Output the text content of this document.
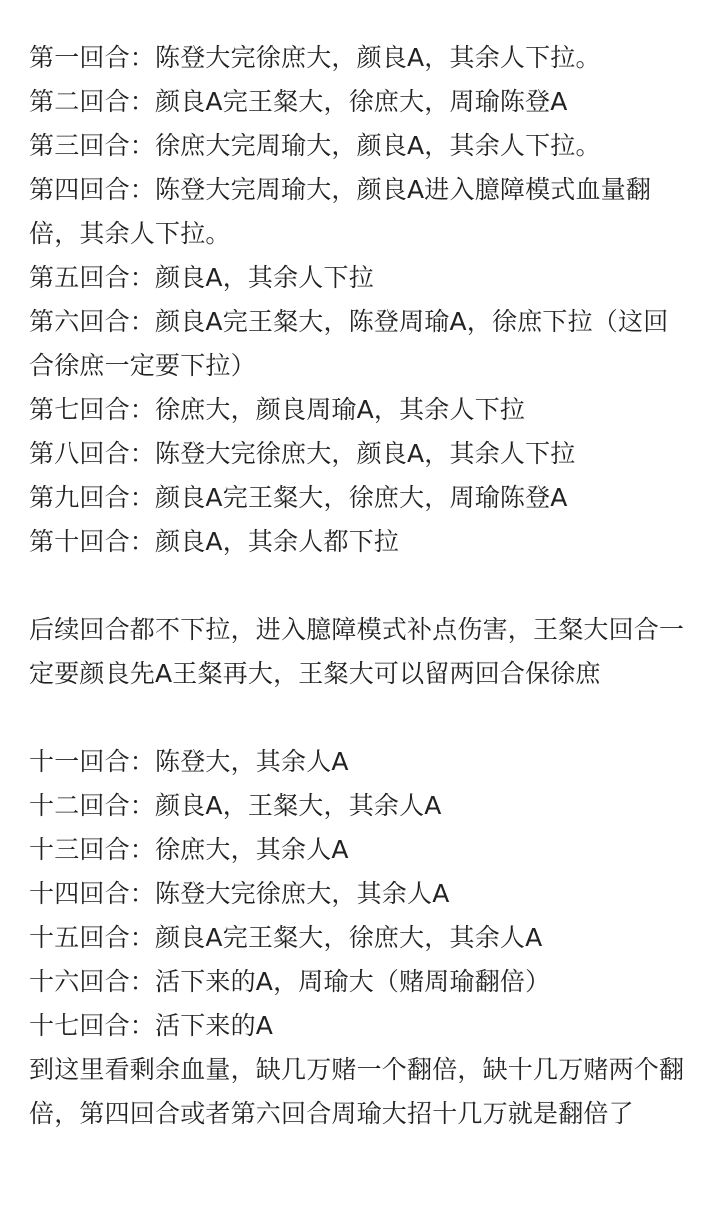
第一回合：陈登大完徐庶大，颜良A，其余人下拉。

第二回合：颜良A完王粲大，徐庶大，周瑜陈登A

第三回合：徐庶大完周瑜大，颜良A，其余人下拉。

第四回合：陈登大完周瑜大，颜良A进入臆障模式血量翻倍，其余人下拉。

第五回合：颜良A，其余人下拉

第六回合：颜良A完王粲大，陈登周瑜A，徐庶下拉（这回合徐庶一定要下拉）

第七回合：徐庶大，颜良周瑜A，其余人下拉

第八回合：陈登大完徐庶大，颜良A，其余人下拉

第九回合：颜良A完王粲大，徐庶大，周瑜陈登A

第十回合：颜良A，其余人都下拉

后续回合都不下拉，进入臆障模式补点伤害，王粲大回合一定要颜良先A王粲再大，王粲大可以留两回合保徐庶

十一回合：陈登大，其余人A

十二回合：颜良A，王粲大，其余人A

十三回合：徐庶大，其余人A

十四回合：陈登大完徐庶大，其余人A

十五回合：颜良A完王粲大，徐庶大，其余人A

十六回合：活下来的A，周瑜大（赌周瑜翻倍）

十七回合：活下来的A

到这里看剩余血量，缺几万赌一个翻倍，缺十几万赌两个翻倍，第四回合或者第六回合周瑜大招十几万就是翻倍了
